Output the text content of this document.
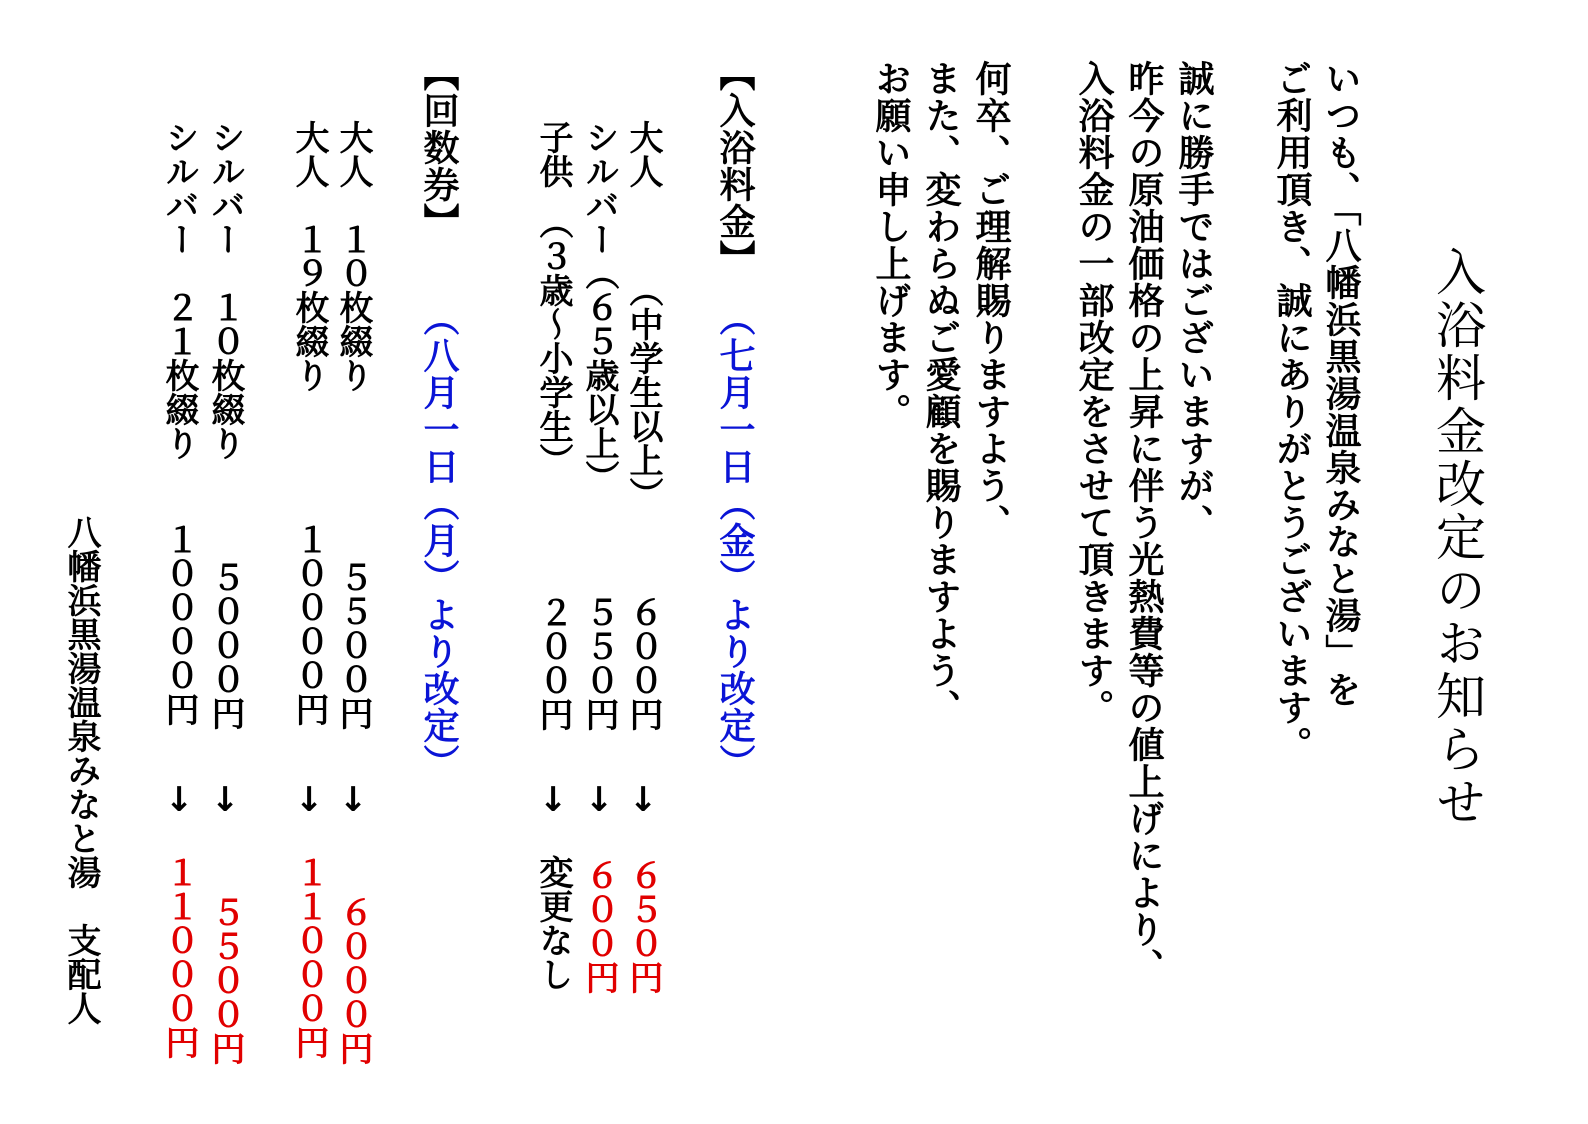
入浴料金改定のお知らせ

いつも、「八幡浜黒湯温泉みなと湯」を

ご利用頂き、誠にありがとうございます。

誠に勝手ではございますが、

昨今の原油価格の上昇に伴う光熱費等の値上げにより、

入浴料金の一部改定をさせて頂きます。

何卒、ご理解賜りますよう、

また、変わらぬご愛顧を賜りますよう、

お願い申し上げます。

【入浴料金】

（七月一日（金）より改定）

大人　　　（中学生以上）

６００円

↓

６５０円

シルバー（６５歳以上）

５５０円

↓

６００円

子供　（３歳～小学生）

２００円

↓

変更なし

【回数券】

（八月一日（月）より改定）

大人　１０枚綴り

５５００円

↓

６０００円

大人　１９枚綴り

１００００円

↓

１１０００円

シルバー　１０枚綴り

５０００円

↓

５５００円

シルバー　２１枚綴り

１００００円

↓

１１０００円

八幡浜黒湯温泉みなと湯　支配人
